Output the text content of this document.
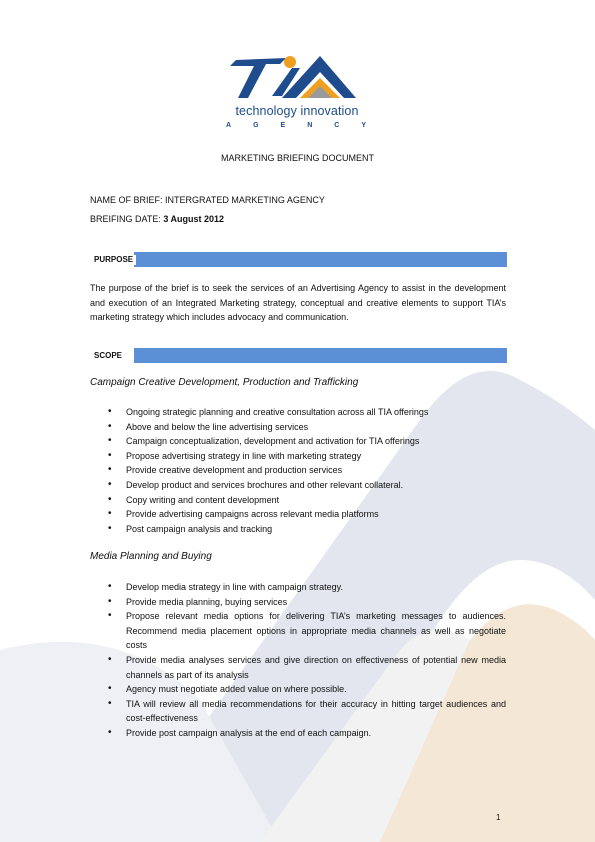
technology innovation
A	G	E	N	C	Y
MARKETING BRIEFING DOCUMENT
NAME OF BRIEF: INTERGRATED MARKETING AGENCY
BREIFING DATE: 3 August 2012
PURPOSE
The purpose of the brief is to seek the services of an Advertising Agency to assist in the development and execution of an Integrated Marketing strategy, conceptual and creative elements to support TIA’s marketing strategy which includes advocacy and communication.
SCOPE
Campaign Creative Development, Production and Trafficking
• Ongoing strategic planning and creative consultation across all TIA offerings
• Above and below the line advertising services
• Campaign conceptualization, development and activation for TIA offerings
• Propose advertising strategy in line with marketing strategy
• Provide creative development and production services
• Develop product and services brochures and other relevant collateral.
• Copy writing and content development
• Provide advertising campaigns across relevant media platforms
• Post campaign analysis and tracking
Media Planning and Buying
• Develop media strategy in line with campaign strategy.
• Provide media planning, buying services
• Propose relevant media options for delivering TIA’s marketing messages to audiences. Recommend media placement options in appropriate media channels as well as negotiate costs
• Provide media analyses services and give direction on effectiveness of potential new media channels as part of its analysis
• Agency must negotiate added value on where possible.
• TIA will review all media recommendations for their accuracy in hitting target audiences and cost-effectiveness
• Provide post campaign analysis at the end of each campaign.
1
